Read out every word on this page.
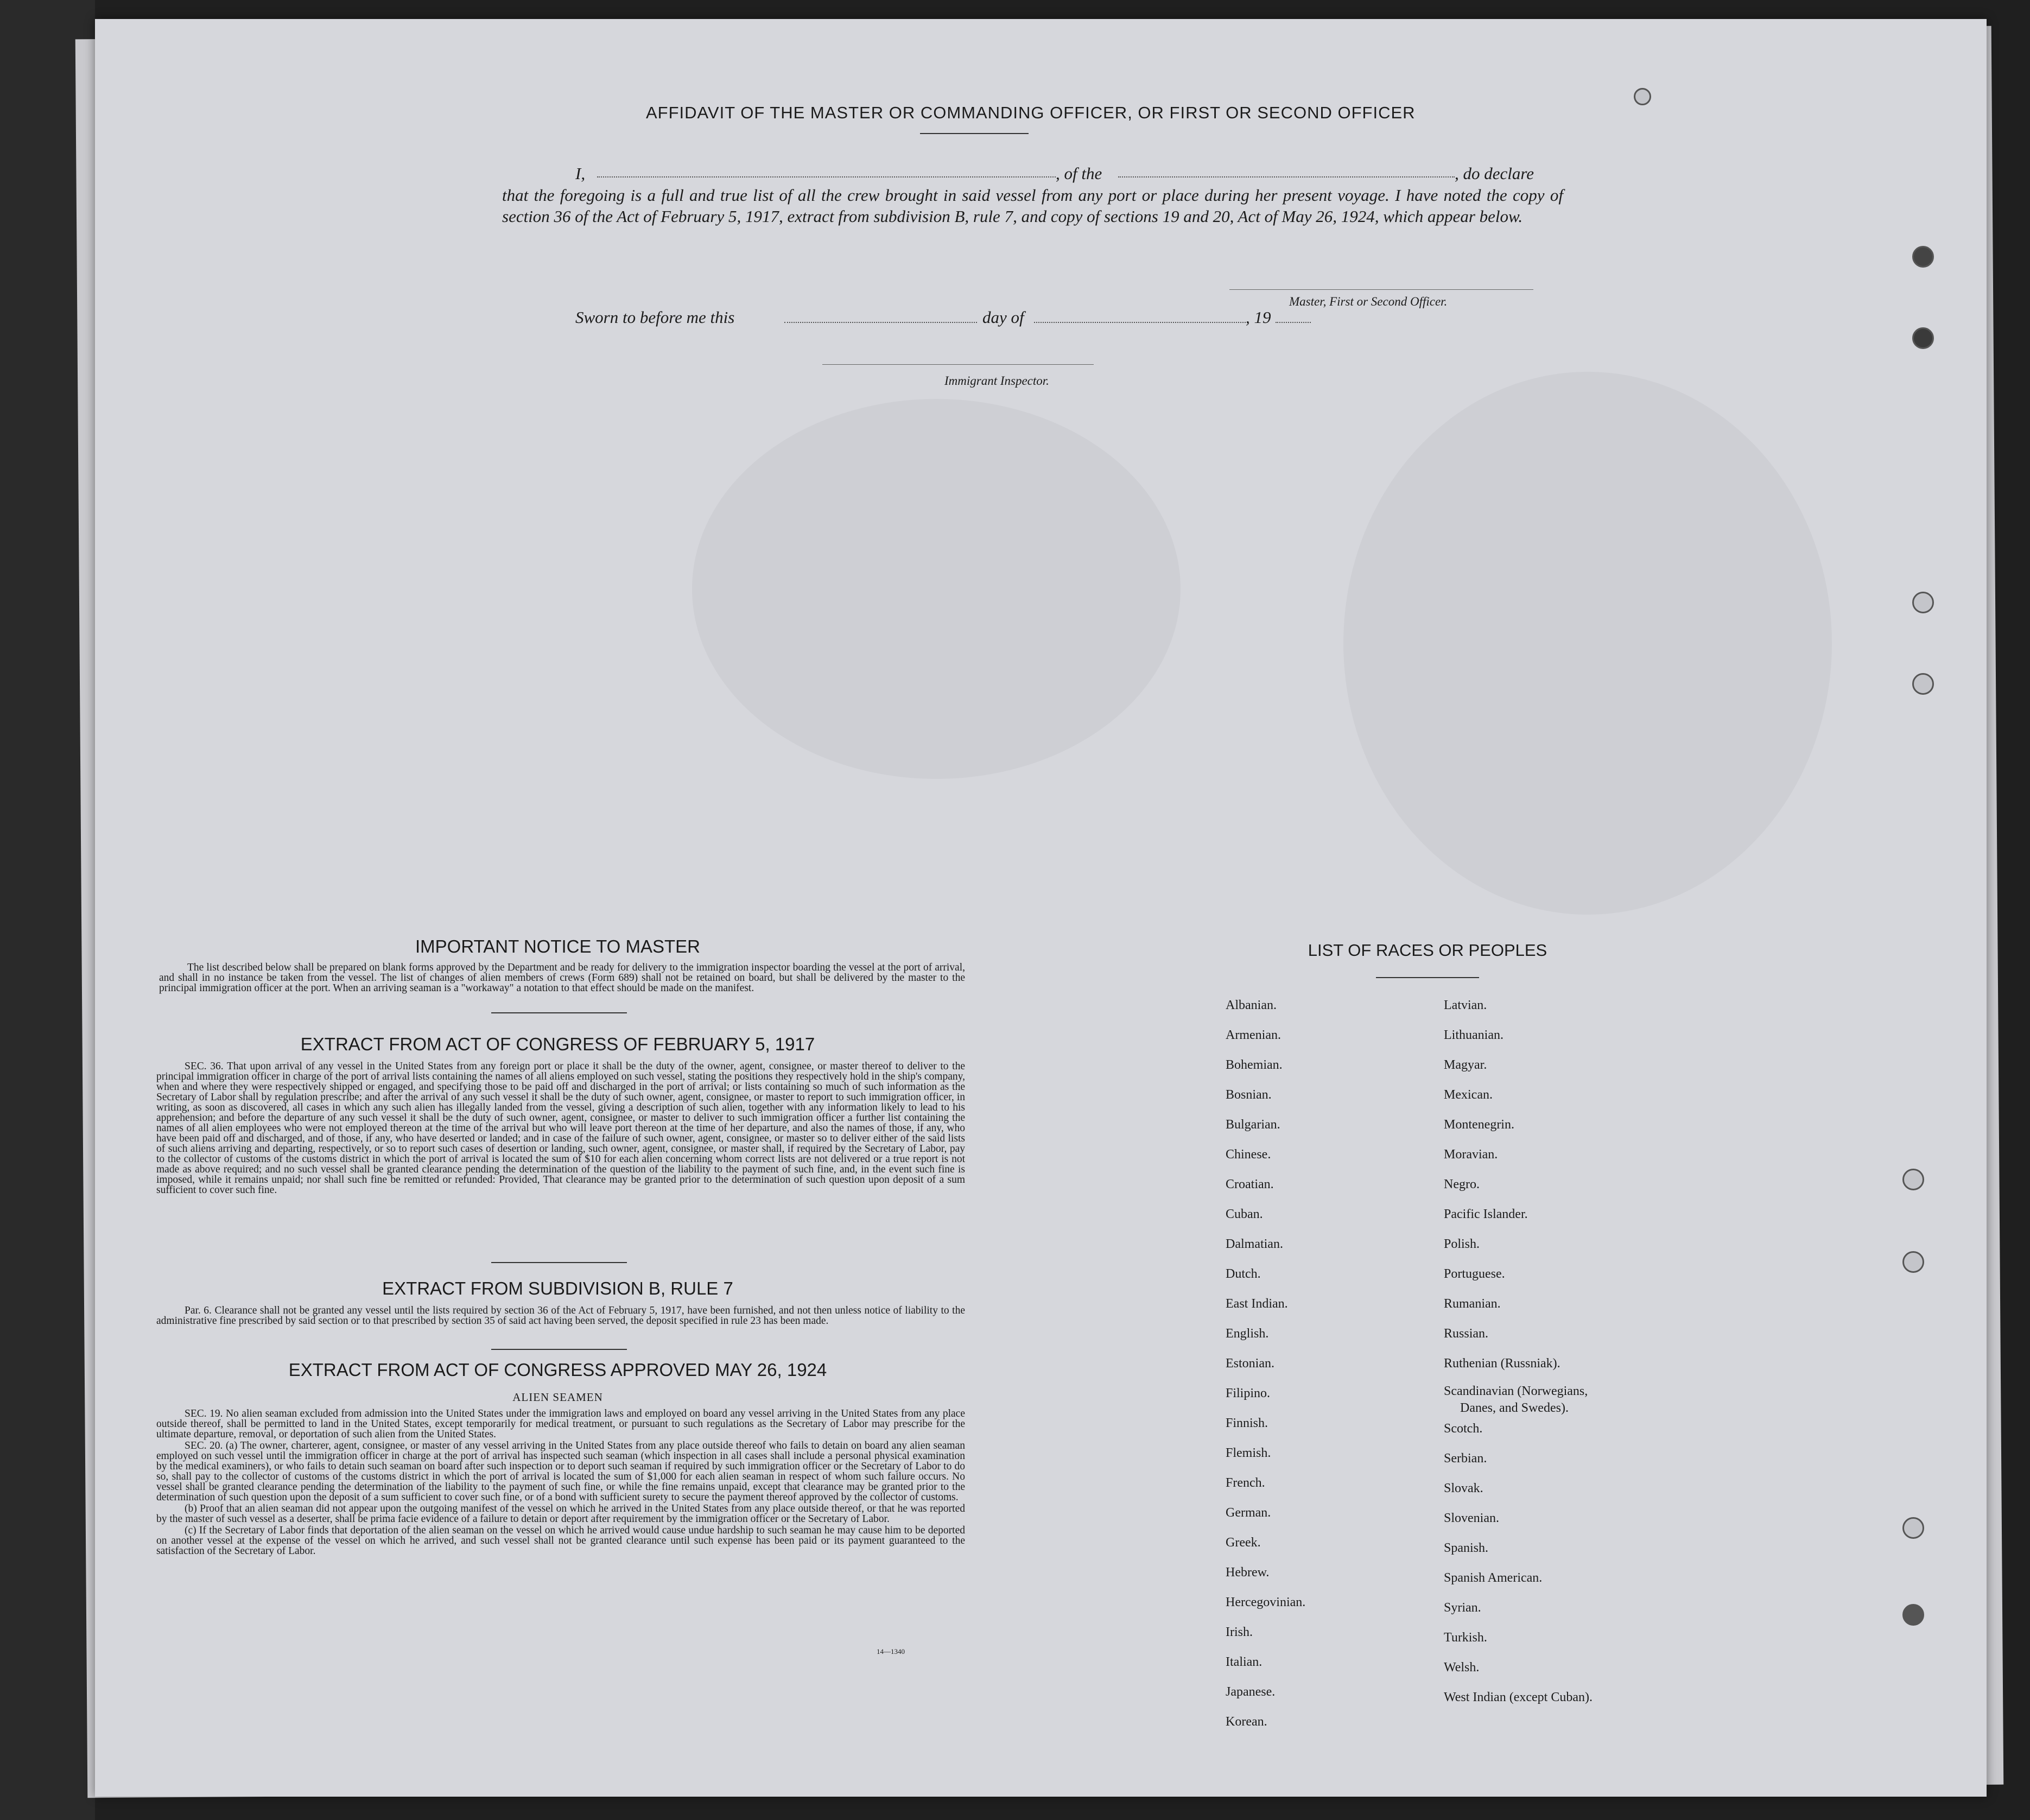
AFFIDAVIT OF THE MASTER OR COMMANDING OFFICER, OR FIRST OR SECOND OFFICER
I,	, of the	, do declare
that the foregoing is a full and true list of all the crew brought in said vessel from any port or place during her present voyage. I have noted the copy of section 36 of the Act of February 5, 1917, extract from subdivision B, rule 7, and copy of sections 19 and 20, Act of May 26, 1924, which appear below.
Master, First or Second Officer.
Sworn to before me this	day of	, 19
Immigrant Inspector.
IMPORTANT NOTICE TO MASTER

The list described below shall be prepared on blank forms approved by the Department and be ready for delivery to the immigration inspector boarding the vessel at the port of arrival, and shall in no instance be taken from the vessel. The list of changes of alien members of crews (Form 689) shall not be retained on board, but shall be delivered by the master to the principal immigration officer at the port. When an arriving seaman is a "workaway" a notation to that effect should be made on the manifest.

EXTRACT FROM ACT OF CONGRESS OF FEBRUARY 5, 1917

SEC. 36. That upon arrival of any vessel in the United States from any foreign port or place it shall be the duty of the owner, agent, consignee, or master thereof to deliver to the principal immigration officer in charge of the port of arrival lists containing the names of all aliens employed on such vessel, stating the positions they respectively hold in the ship's company, when and where they were respectively shipped or engaged, and specifying those to be paid off and discharged in the port of arrival; or lists containing so much of such information as the Secretary of Labor shall by regulation prescribe; and after the arrival of any such vessel it shall be the duty of such owner, agent, consignee, or master to report to such immigration officer, in writing, as soon as discovered, all cases in which any such alien has illegally landed from the vessel, giving a description of such alien, together with any information likely to lead to his apprehension; and before the departure of any such vessel it shall be the duty of such owner, agent, consignee, or master to deliver to such immigration officer a further list containing the names of all alien employees who were not employed thereon at the time of the arrival but who will leave port thereon at the time of her departure, and also the names of those, if any, who have been paid off and discharged, and of those, if any, who have deserted or landed; and in case of the failure of such owner, agent, consignee, or master so to deliver either of the said lists of such aliens arriving and departing, respectively, or so to report such cases of desertion or landing, such owner, agent, consignee, or master shall, if required by the Secretary of Labor, pay to the collector of customs of the customs district in which the port of arrival is located the sum of $10 for each alien concerning whom correct lists are not delivered or a true report is not made as above required; and no such vessel shall be granted clearance pending the determination of the question of the liability to the payment of such fine, and, in the event such fine is imposed, while it remains unpaid; nor shall such fine be remitted or refunded: Provided, That clearance may be granted prior to the determination of such question upon deposit of a sum sufficient to cover such fine.

EXTRACT FROM SUBDIVISION B, RULE 7

Par. 6. Clearance shall not be granted any vessel until the lists required by section 36 of the Act of February 5, 1917, have been furnished, and not then unless notice of liability to the administrative fine prescribed by said section or to that prescribed by section 35 of said act having been served, the deposit specified in rule 23 has been made.

EXTRACT FROM ACT OF CONGRESS APPROVED MAY 26, 1924
ALIEN SEAMEN

SEC. 19. No alien seaman excluded from admission into the United States under the immigration laws and employed on board any vessel arriving in the United States from any place outside thereof, shall be permitted to land in the United States, except temporarily for medical treatment, or pursuant to such regulations as the Secretary of Labor may prescribe for the ultimate departure, removal, or deportation of such alien from the United States.

SEC. 20. (a) The owner, charterer, agent, consignee, or master of any vessel arriving in the United States from any place outside thereof who fails to detain on board any alien seaman employed on such vessel until the immigration officer in charge at the port of arrival has inspected such seaman (which inspection in all cases shall include a personal physical examination by the medical examiners), or who fails to detain such seaman on board after such inspection or to deport such seaman if required by such immigration officer or the Secretary of Labor to do so, shall pay to the collector of customs of the customs district in which the port of arrival is located the sum of $1,000 for each alien seaman in respect of whom such failure occurs. No vessel shall be granted clearance pending the determination of the liability to the payment of such fine, or while the fine remains unpaid, except that clearance may be granted prior to the determination of such question upon the deposit of a sum sufficient to cover such fine, or of a bond with sufficient surety to secure the payment thereof approved by the collector of customs.

(b) Proof that an alien seaman did not appear upon the outgoing manifest of the vessel on which he arrived in the United States from any place outside thereof, or that he was reported by the master of such vessel as a deserter, shall be prima facie evidence of a failure to detain or deport after requirement by the immigration officer or the Secretary of Labor.

(c) If the Secretary of Labor finds that deportation of the alien seaman on the vessel on which he arrived would cause undue hardship to such seaman he may cause him to be deported on another vessel at the expense of the vessel on which he arrived, and such vessel shall not be granted clearance until such expense has been paid or its payment guaranteed to the satisfaction of the Secretary of Labor.

14—1340
LIST OF RACES OR PEOPLES
Albanian.
Armenian.
Bohemian.
Bosnian.
Bulgarian.
Chinese.
Croatian.
Cuban.
Dalmatian.
Dutch.
East Indian.
English.
Estonian.
Filipino.
Finnish.
Flemish.
French.
German.
Greek.
Hebrew.
Hercegovinian.
Irish.
Italian.
Japanese.
Korean.
Latvian.
Lithuanian.
Magyar.
Mexican.
Montenegrin.
Moravian.
Negro.
Pacific Islander.
Polish.
Portuguese.
Rumanian.
Russian.
Ruthenian (Russniak).
Scandinavian (Norwegians,
Danes, and Swedes).
Scotch.
Serbian.
Slovak.
Slovenian.
Spanish.
Spanish American.
Syrian.
Turkish.
Welsh.
West Indian (except Cuban).
